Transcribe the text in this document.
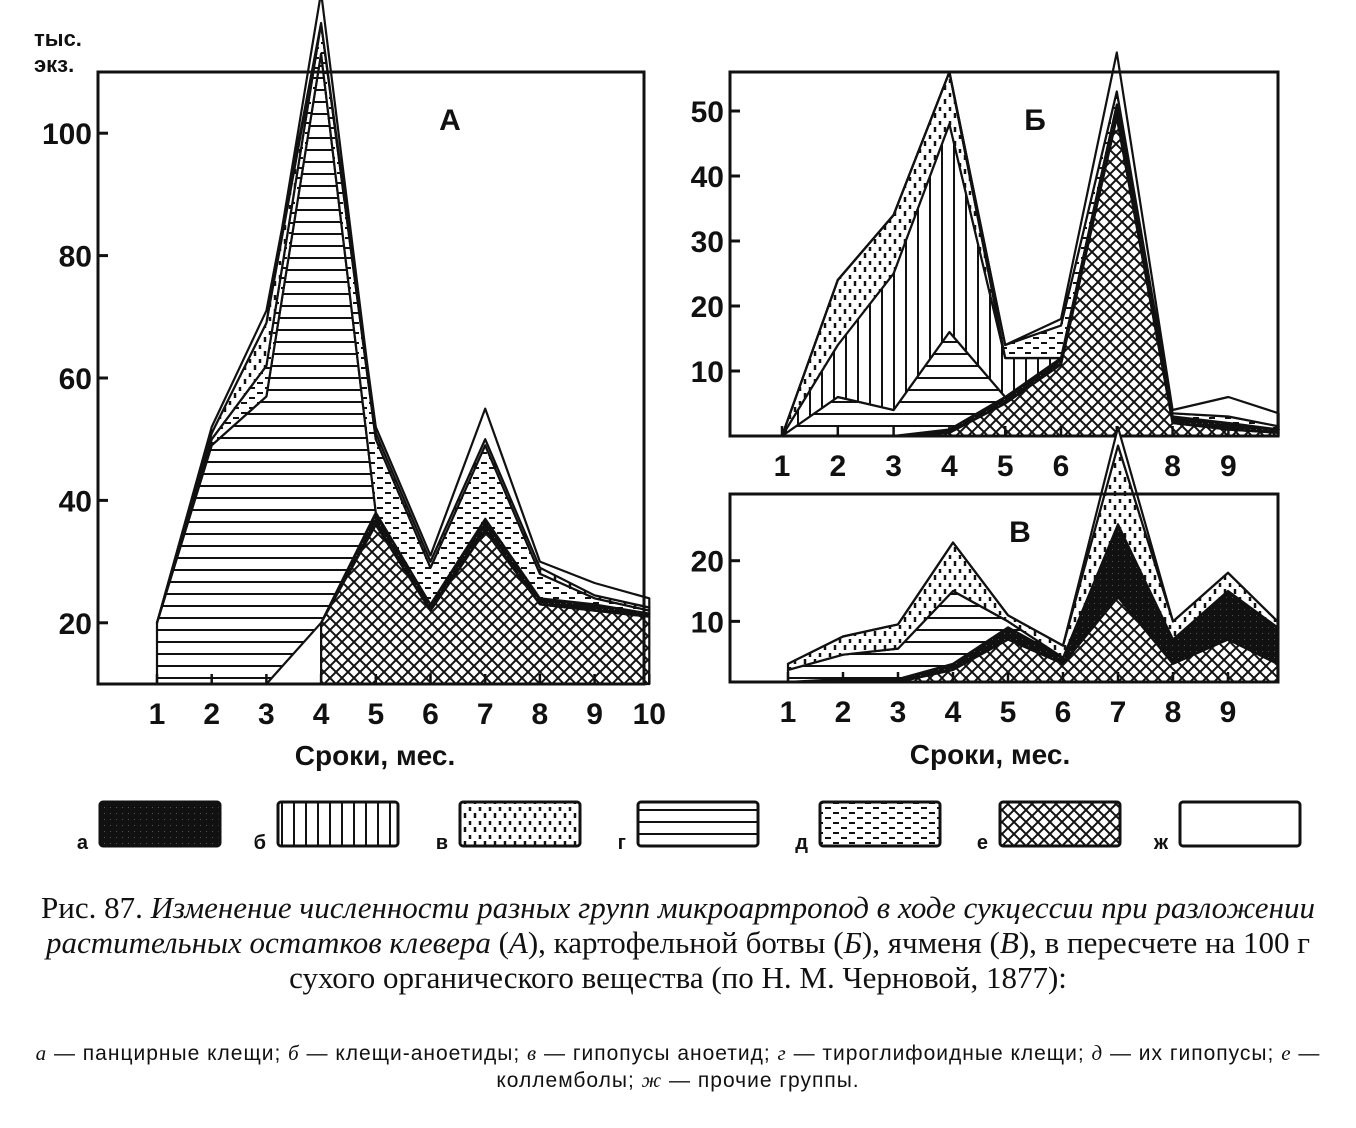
20
40
60
80
100
1 2 3 4 5 6 7 8 9 10
А
тыс.
экз.
Сроки, мес.
10
20
30
40
50
1 2 3 4 5 6	8 9
Б
10
20
1 2 3 4 5 6 7 8 9
В
Сроки, мес.
а	б	в	г	д	е	ж
Рис. 87. Изменение численности разных групп микроартропод в ходе сукцессии при разложении растительных остатков клевера (А), картофельной ботвы (Б), ячменя (В), в пересчете на 100 г сухого органического вещества (по Н. М. Черновой, 1877):
а — панцирные клещи; б — клещи-аноетиды; в — гипопусы аноетид; г — тироглифоидные клещи; д — их гипопусы; е — коллемболы; ж — прочие группы.
